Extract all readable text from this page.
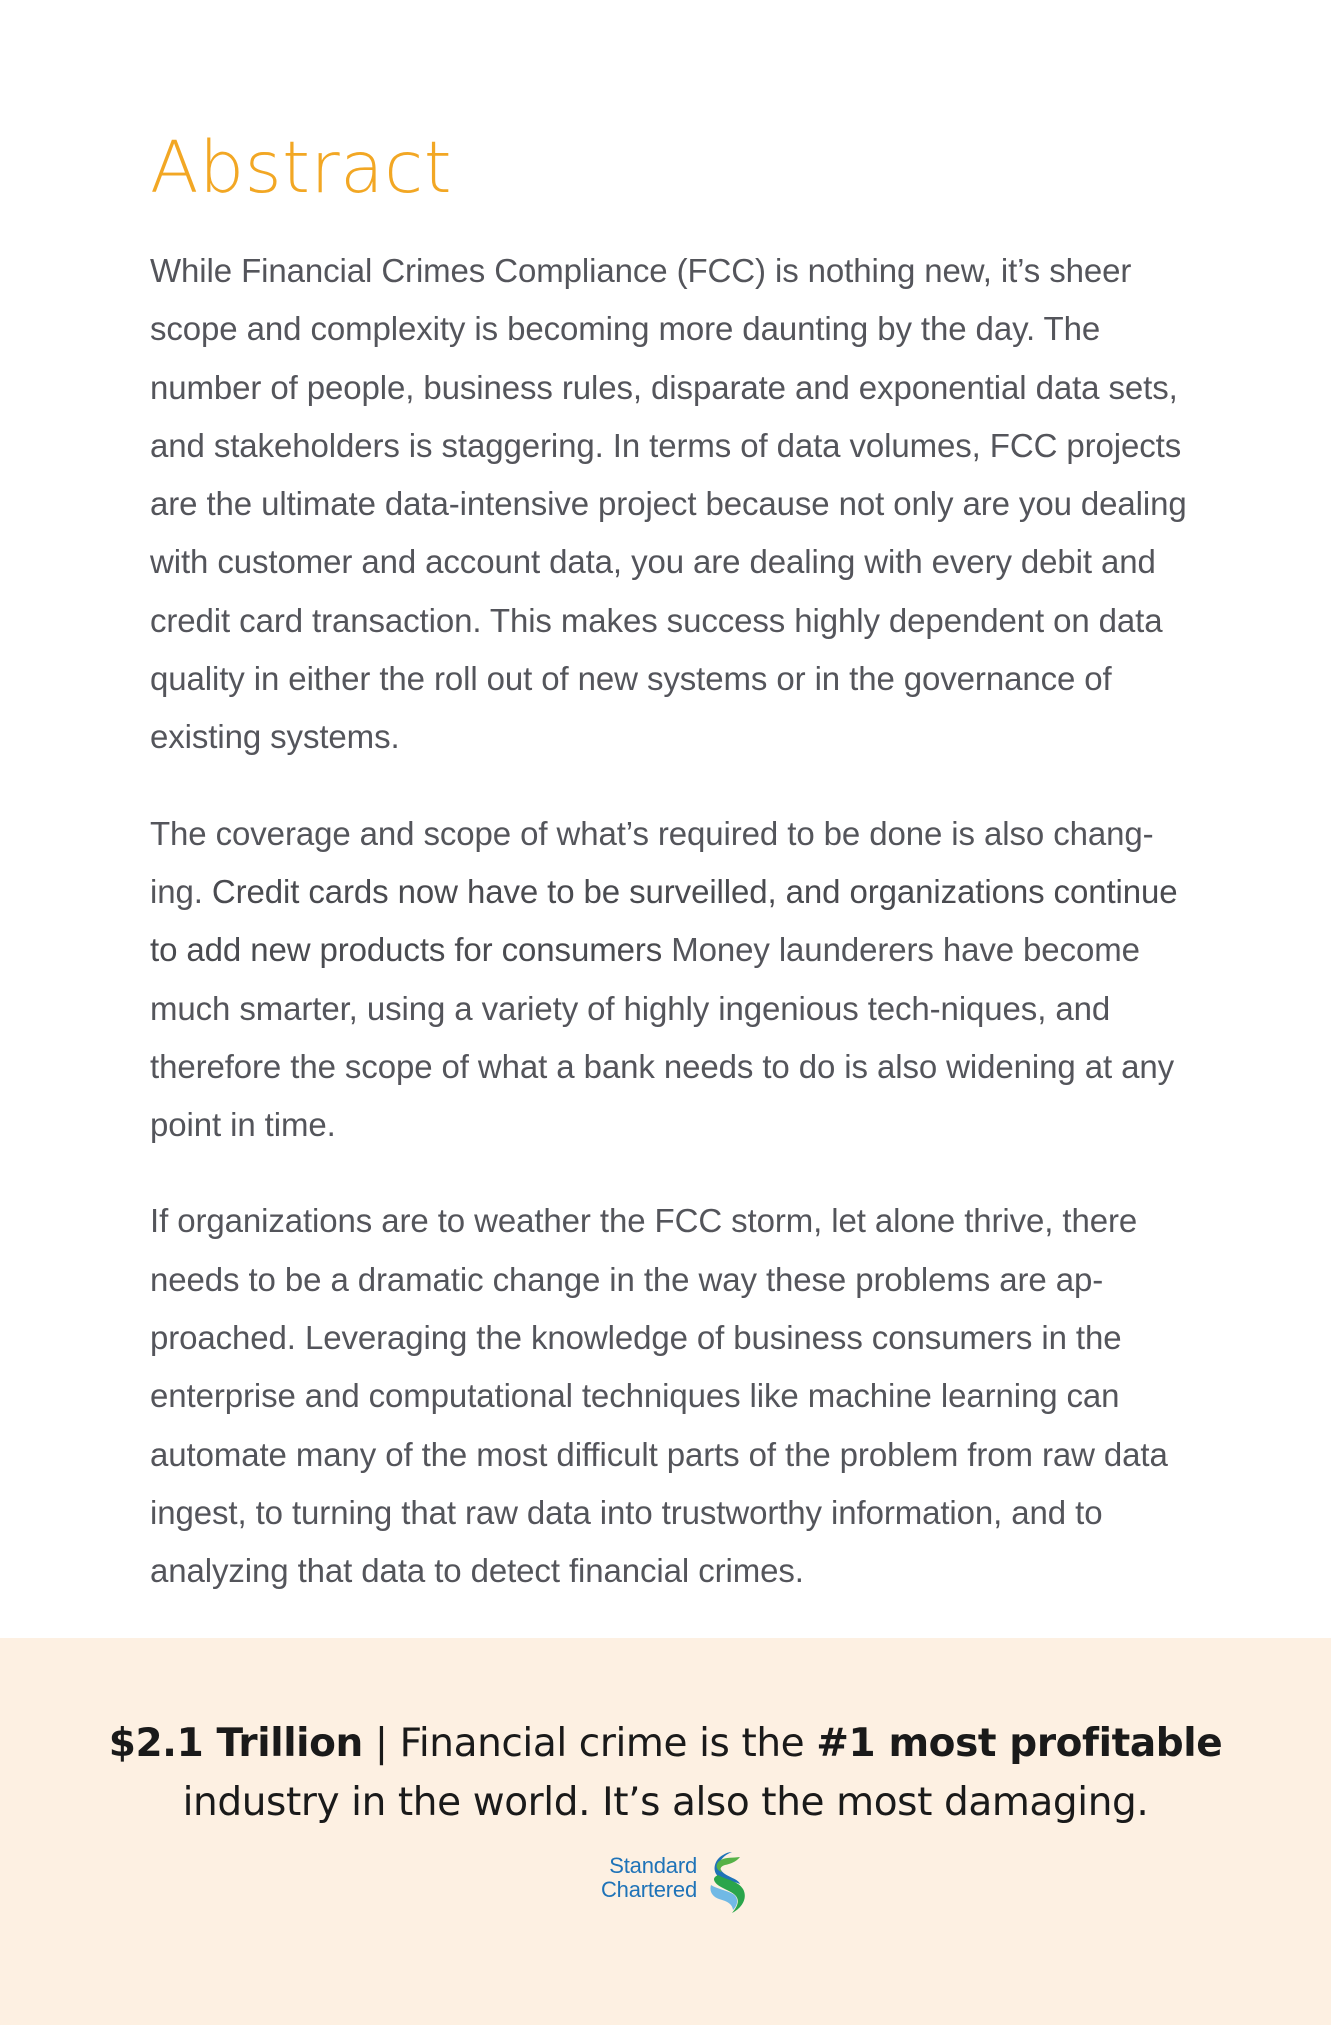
Abstract

While Financial Crimes Compliance (FCC) is nothing new, it’s sheer scope and complexity is becoming more daunting by the day. The number of people, business rules, disparate and exponential data sets, and stakeholders is staggering. In terms of data volumes, FCC projects are the ultimate data-intensive project because not only are you dealing with customer and account data, you are dealing with every debit and credit card transaction. This makes success highly dependent on data quality in either the roll out of new systems or in the governance of existing systems.

The coverage and scope of what’s required to be done is also chang-ing. Credit cards now have to be surveilled, and organizations continue to add new products for consumers Money launderers have become much smarter, using a variety of highly ingenious tech-niques, and therefore the scope of what a bank needs to do is also widening at any point in time.

If organizations are to weather the FCC storm, let alone thrive, there needs to be a dramatic change in the way these problems are ap-proached. Leveraging the knowledge of business consumers in the enterprise and computational techniques like machine learning can automate many of the most difficult parts of the problem from raw data ingest, to turning that raw data into trustworthy information, and to analyzing that data to detect financial crimes.

$2.1 Trillion | Financial crime is the #1 most profitable
industry in the world. It’s also the most damaging.
Standard
Chartered
